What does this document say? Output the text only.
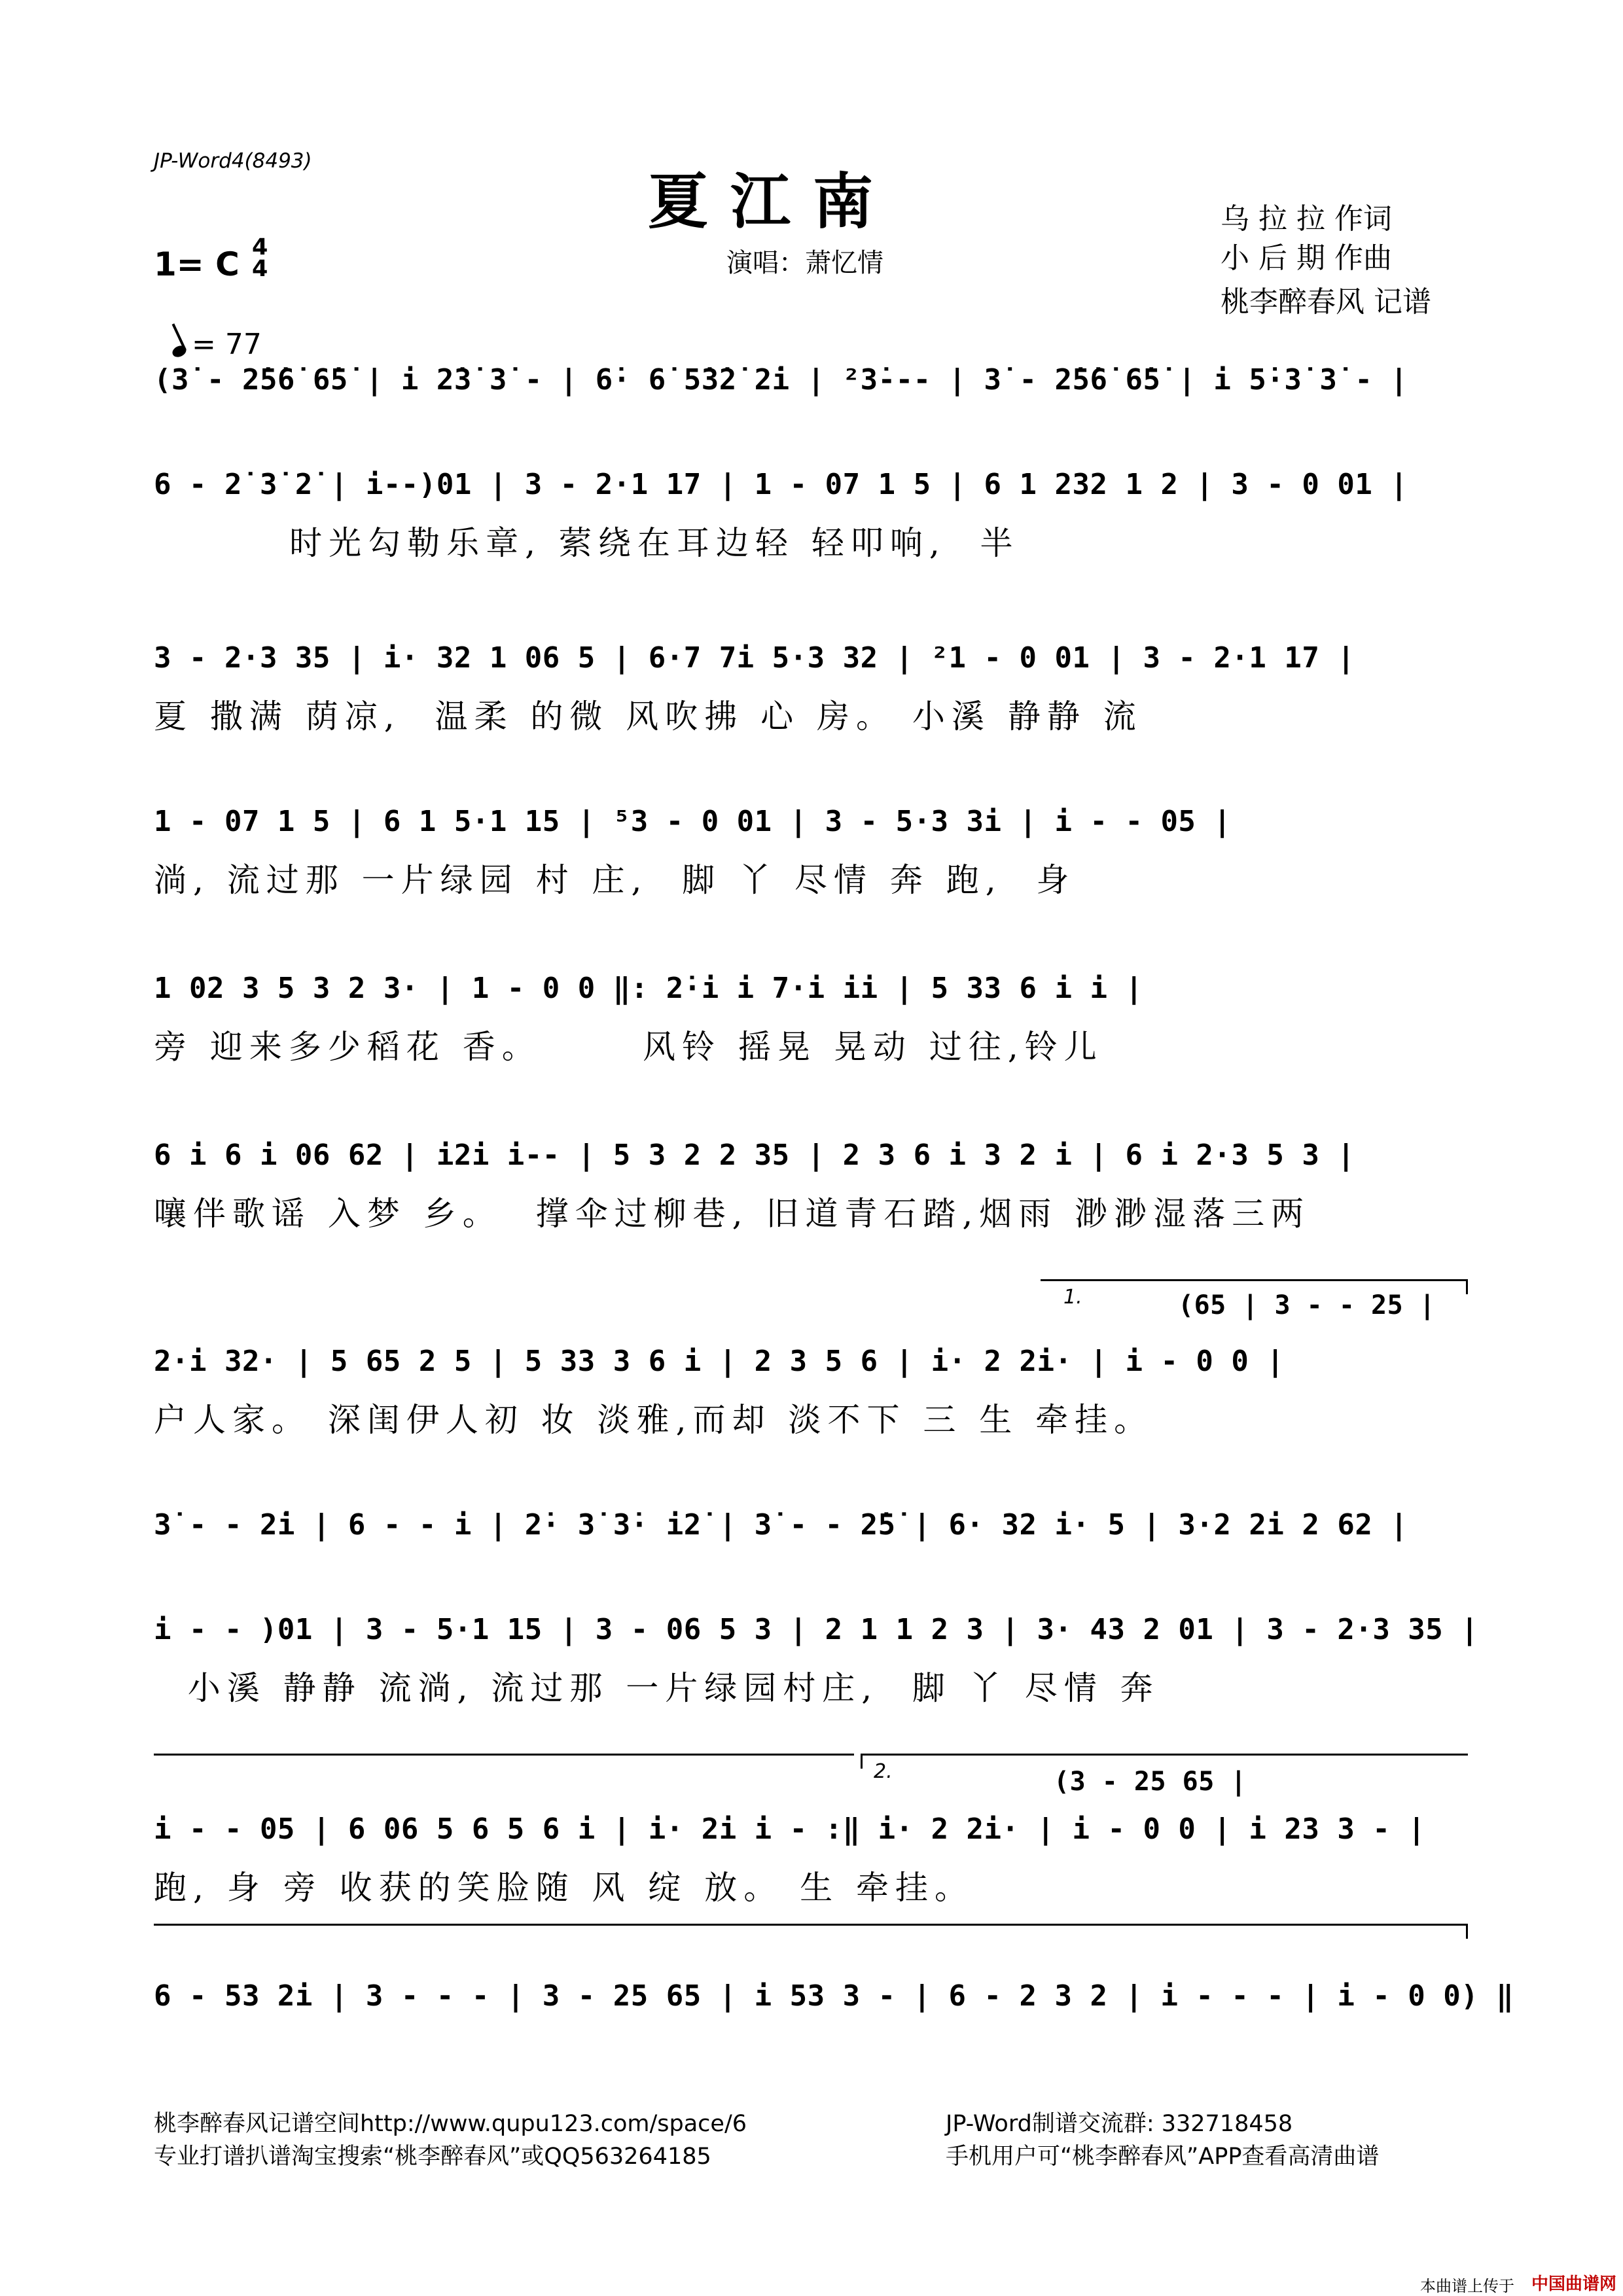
JP-Word4(8493)
夏江南
演唱：萧忆情
乌 拉 拉 作词
小 后 期 作曲
桃李醉春风 记谱
1= C 4
4

= 77

(3̇ - 2̇5̇6̇ 6̇5̇ | i 2̇3̇ 3̇ - | 6̇· 6̇ 5̇3̇2̇ 2̇i | ²3̇--- | 3̇ - 2̇5̇6̇ 6̇5̇ | i 5̇·3̇ 3̇ - |
6 - 2̇ 3̇ 2̇ | i--)01 | 3 - 2·1 17 | 1 - 07 1 5 | 6 1 232 1 2 | 3 - 0 01 |
时光勾勒乐章, 萦绕在耳边轻 轻叩响,  半
3 - 2·3 35 | i· 32 1 06 5 | 6·7 7i 5·3 32 | ²1 - 0 01 | 3 - 2·1 17 |
夏 撒满 荫凉,  温柔 的微 风吹拂 心 房。 小溪 静静 流
1 - 07 1 5 | 6 1 5·1 15 | ⁵3 - 0 01 | 3 - 5·3 3i | i - - 05 |
淌, 流过那 一片绿园 村 庄,  脚 丫 尽情 奔 跑,  身
1 02 3 5 3 2 3· | 1 - 0 0 ‖: 2̇·i i 7·i ii | 5 33 6 i i |
旁 迎来多少稻花 香。      风铃 摇晃 晃动 过往,铃儿
6 i 6 i 06 62 | i2i i-- | 5 3 2 2 35 | 2 3 6 i 3 2 i | 6 i 2·3 5 3 |
嚷伴歌谣 入梦 乡。  撑伞过柳巷, 旧道青石踏,烟雨 渺渺湿落三两
1.	(65 | 3 - - 25 |
2·i 32· | 5 65 2 5 | 5 33 3 6 i | 2 3 5 6 | i· 2 2i· | i - 0 0 |
户人家。 深闺伊人初 妆 淡雅,而却 淡不下 三 生 牵挂。
3̇ - - 2̇i | 6 - - i | 2̇· 3̇ 3̇· i2̇ | 3̇ - - 2̇5̇ | 6· 32 i· 5 | 3·2 2i 2 62 |
i - - )01 | 3 - 5·1 15 | 3 - 06 5 3 | 2 1 1 2 3 | 3· 43 2 01 | 3 - 2·3 35 |
小溪 静静 流淌, 流过那 一片绿园村庄,  脚 丫 尽情 奔
2.	(3 - 25 65 |
i - - 05 | 6 06 5 6 5 6 i | i· 2i i - :‖ i· 2 2i· | i - 0 0 | i 23 3 - |
跑, 身 旁 收获的笑脸随 风 绽 放。 生 牵挂。
6 - 53 2i | 3 - - - | 3 - 25 65 | i 53 3 - | 6 - 2 3 2 | i - - - | i - 0 0) ‖
桃李醉春风记谱空间http://www.qupu123.com/space/6
专业打谱扒谱淘宝搜索“桃李醉春风”或QQ563264185
JP-Word制谱交流群: 332718458
手机用户可“桃李醉春风”APP查看高清曲谱
本曲谱上传于 中国曲谱网
